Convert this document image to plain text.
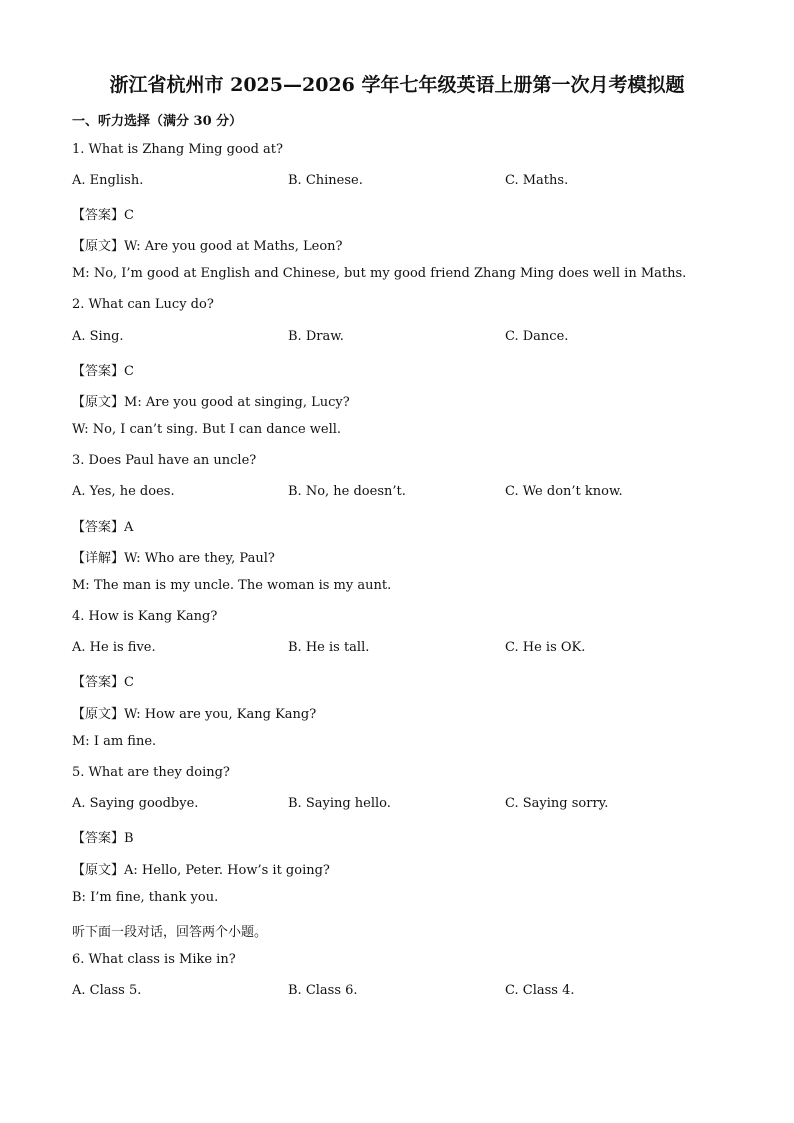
浙江省杭州市 2025—2026 学年七年级英语上册第一次月考模拟题
一、听力选择（满分 30 分）
1. What is Zhang Ming good at?
A. English.	B. Chinese.	C. Maths.
【答案】C
【原文】W: Are you good at Maths, Leon?
M: No, I’m good at English and Chinese, but my good friend Zhang Ming does well in Maths.
2. What can Lucy do?
A. Sing.	B. Draw.	C. Dance.
【答案】C
【原文】M: Are you good at singing, Lucy?
W: No, I can’t sing. But I can dance well.
3. Does Paul have an uncle?
A. Yes, he does.	B. No, he doesn’t.	C. We don’t know.
【答案】A
【详解】W: Who are they, Paul?
M: The man is my uncle. The woman is my aunt.
4. How is Kang Kang?
A. He is five.	B. He is tall.	C. He is OK.
【答案】C
【原文】W: How are you, Kang Kang?
M: I am fine.
5. What are they doing?
A. Saying goodbye.	B. Saying hello.	C. Saying sorry.
【答案】B
【原文】A: Hello, Peter. How’s it going?
B: I’m fine, thank you.
听下面一段对话，回答两个小题。
6. What class is Mike in?
A. Class 5.	B. Class 6.	C. Class 4.
